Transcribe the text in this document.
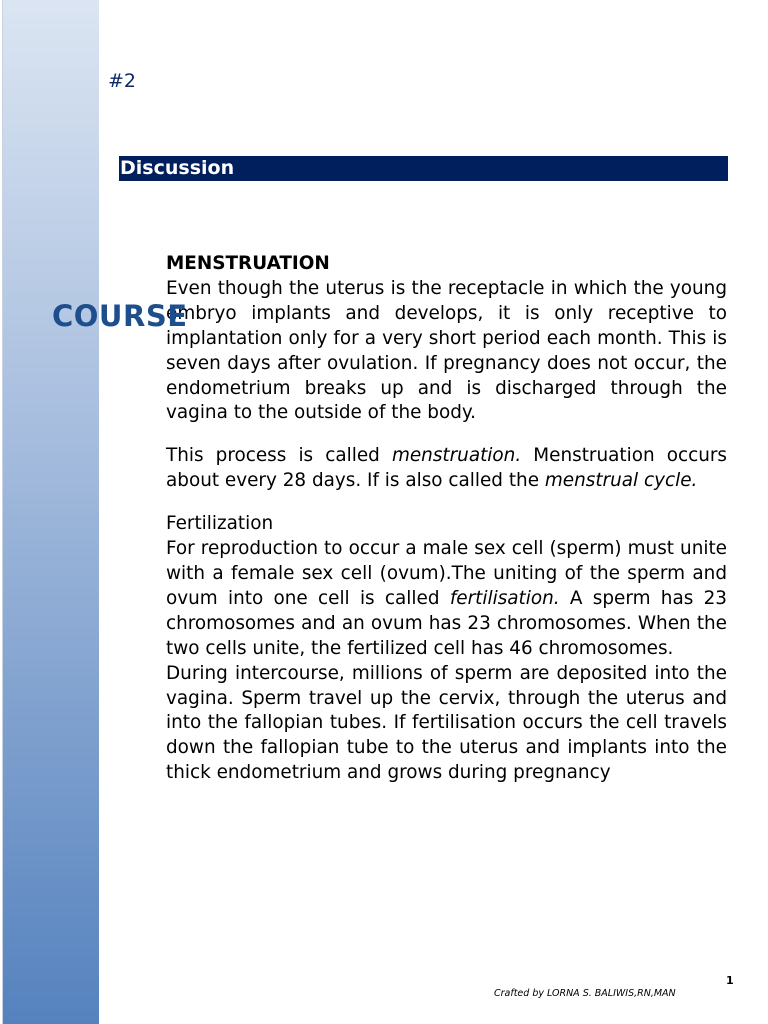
#2
Discussion
COURSE

MENSTRUATION

Even though the uterus is the receptacle in which the young embryo implants and develops, it is only receptive to implantation only for a very short period each month. This is seven days after ovulation. If pregnancy does not occur, the endometrium breaks up and is discharged through the vagina to the outside of the body.

This process is called menstruation. Menstruation occurs about every 28 days. If is also called the menstrual cycle.

Fertilization

For reproduction to occur a male sex cell (sperm) must unite with a female sex cell (ovum).The uniting of the sperm and ovum into one cell is called fertilisation. A sperm has 23 chromosomes and an ovum has 23 chromosomes. When the two cells unite, the fertilized cell has 46 chromosomes.

During intercourse, millions of sperm are deposited into the vagina. Sperm travel up the cervix, through the uterus and into the fallopian tubes. If fertilisation occurs the cell travels down the fallopian tube to the uterus and implants into the thick endometrium and grows during pregnancy

1
Crafted by LORNA S. BALIWIS,RN,MAN
